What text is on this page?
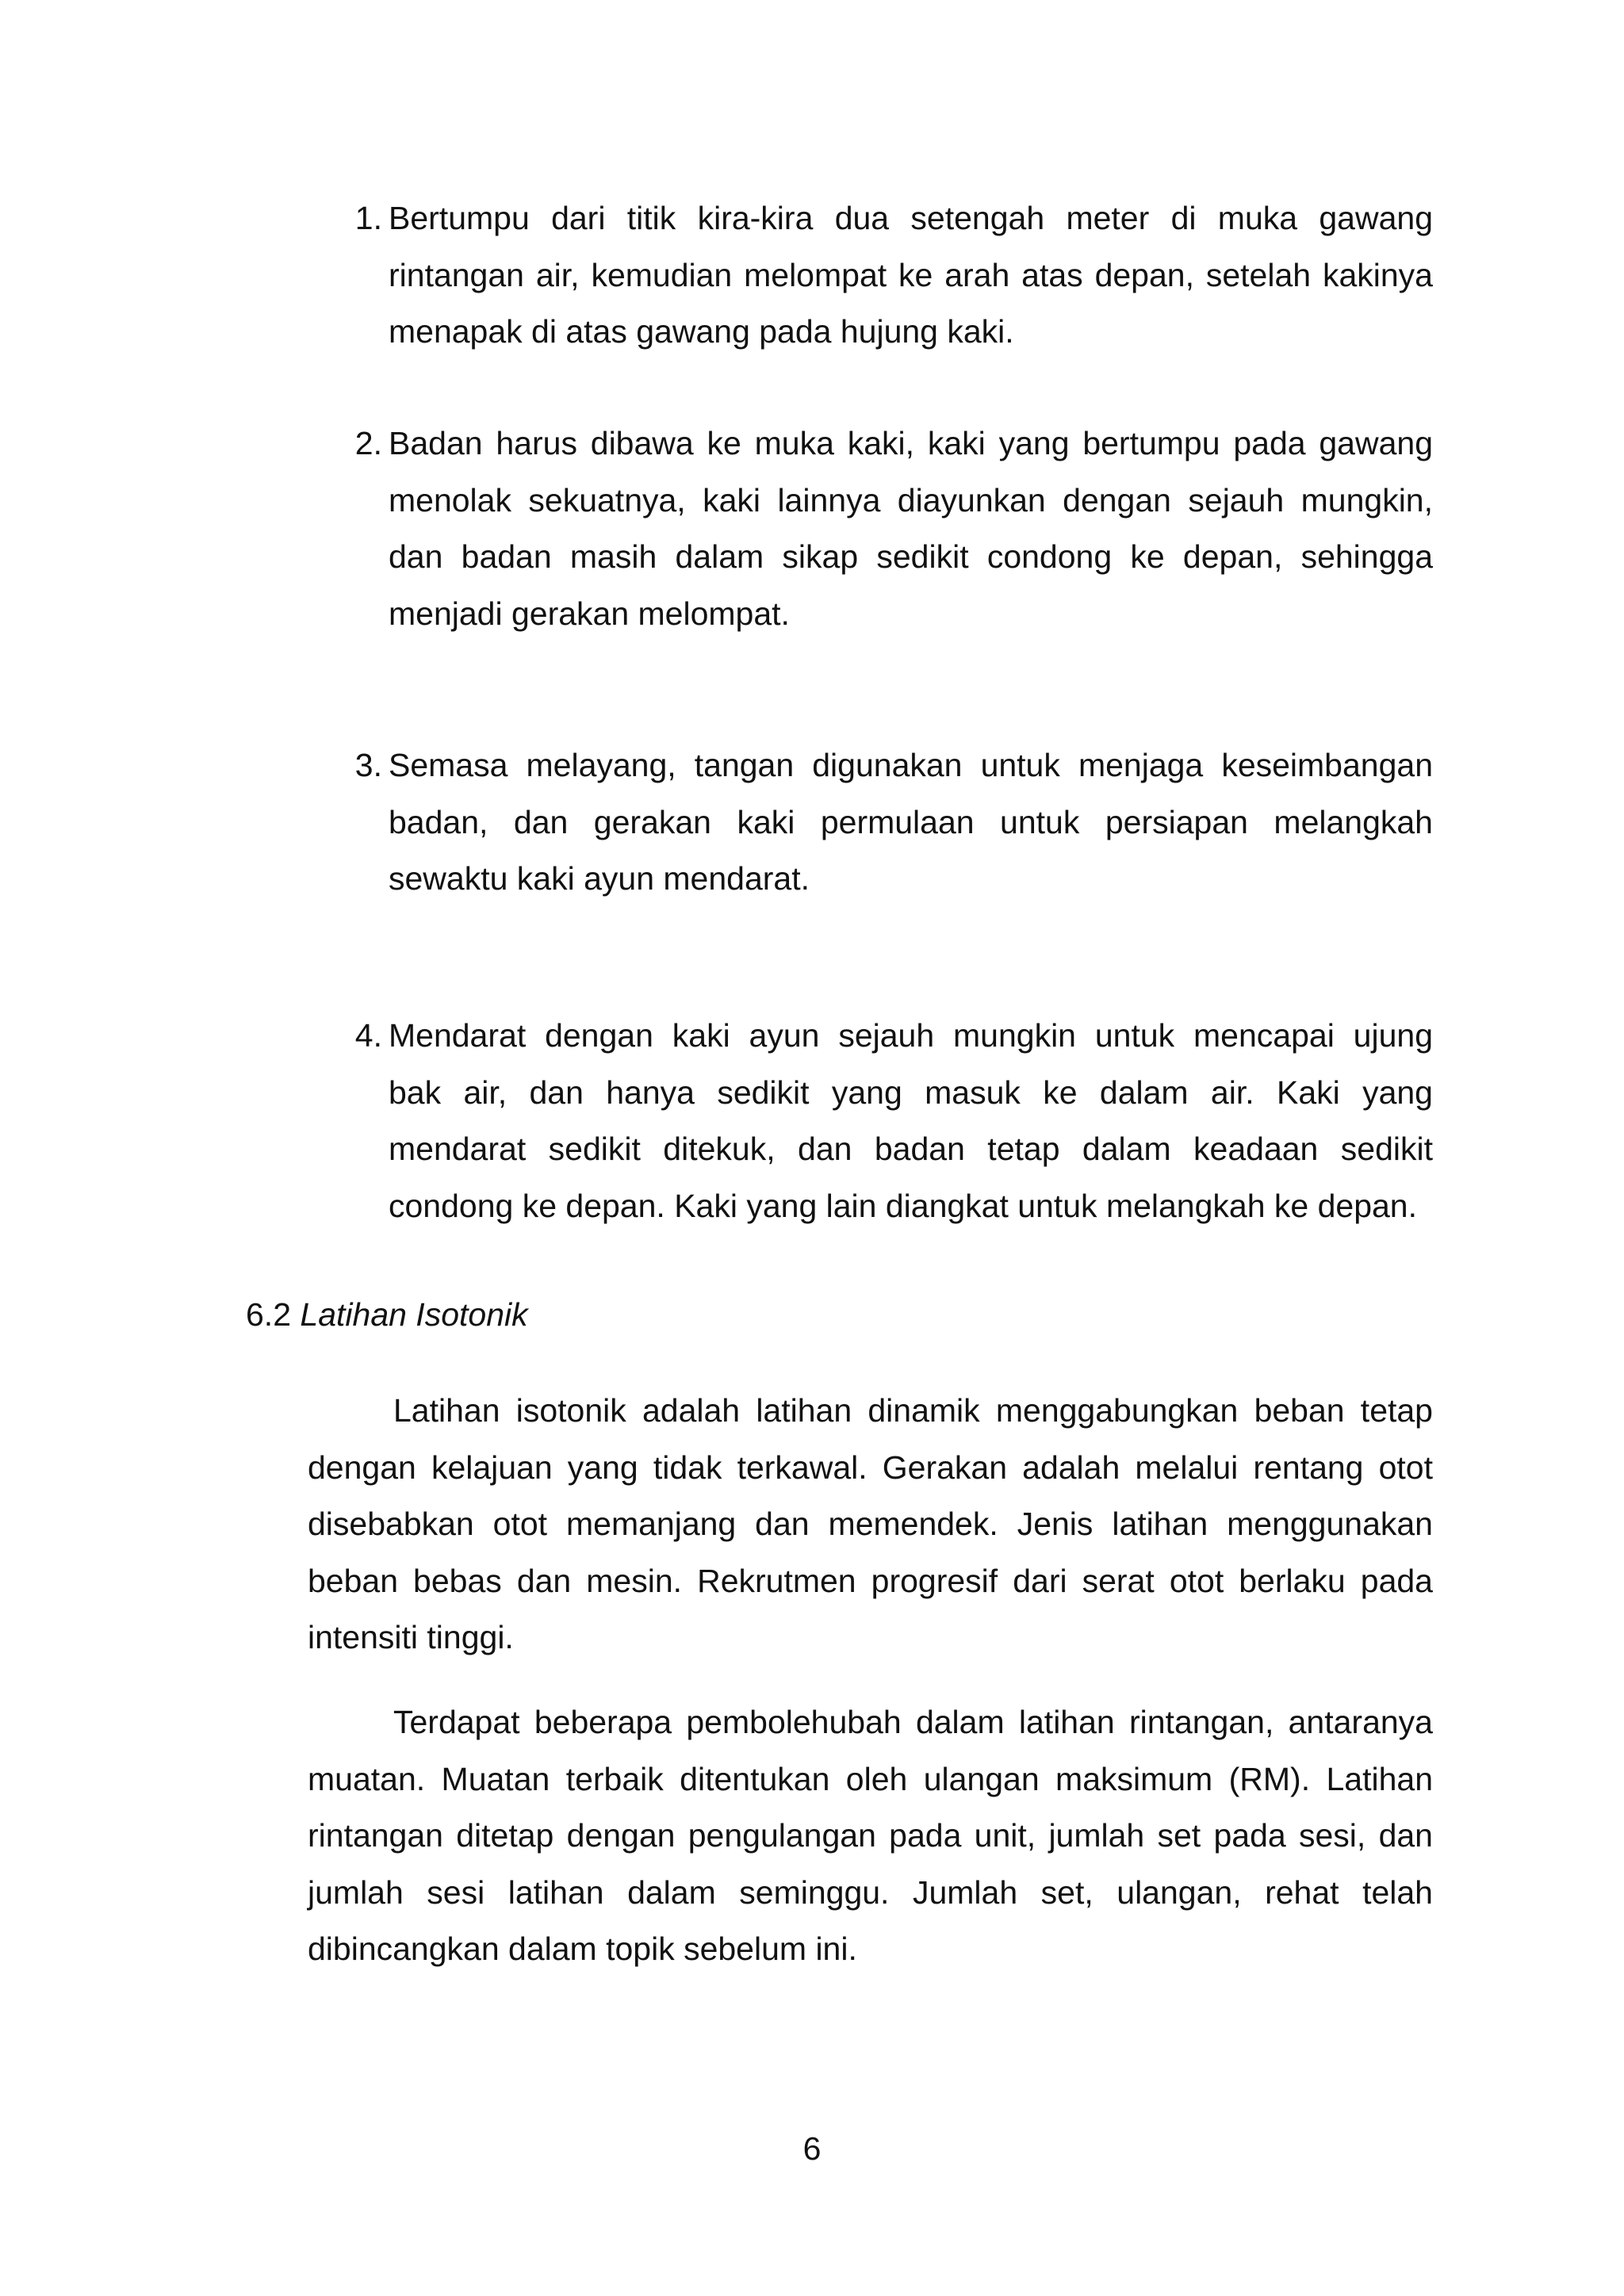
1. Bertumpu dari titik kira-kira dua setengah meter di muka gawang
rintangan air, kemudian melompat ke arah atas depan, setelah kakinya
menapak di atas gawang pada hujung kaki.
2. Badan harus dibawa ke muka kaki, kaki yang bertumpu pada gawang
menolak sekuatnya, kaki lainnya diayunkan dengan sejauh mungkin,
dan badan masih dalam sikap sedikit condong ke depan, sehingga
menjadi gerakan melompat.
3. Semasa melayang, tangan digunakan untuk menjaga keseimbangan
badan, dan gerakan kaki permulaan untuk persiapan melangkah
sewaktu kaki ayun mendarat.
4. Mendarat dengan kaki ayun sejauh mungkin untuk mencapai ujung
bak air, dan hanya sedikit yang masuk ke dalam air. Kaki yang
mendarat sedikit ditekuk, dan badan tetap dalam keadaan sedikit
condong ke depan. Kaki yang lain diangkat untuk melangkah ke depan.
6.2 Latihan Isotonik
Latihan isotonik adalah latihan dinamik menggabungkan beban tetap
dengan kelajuan yang tidak terkawal. Gerakan adalah melalui rentang otot
disebabkan otot memanjang dan memendek. Jenis latihan menggunakan
beban bebas dan mesin. Rekrutmen progresif dari serat otot berlaku pada
intensiti tinggi.
Terdapat beberapa pembolehubah dalam latihan rintangan, antaranya
muatan. Muatan terbaik ditentukan oleh ulangan maksimum (RM). Latihan
rintangan ditetap dengan pengulangan pada unit, jumlah set pada sesi, dan
jumlah sesi latihan dalam seminggu. Jumlah set, ulangan, rehat telah
dibincangkan dalam topik sebelum ini.
6
